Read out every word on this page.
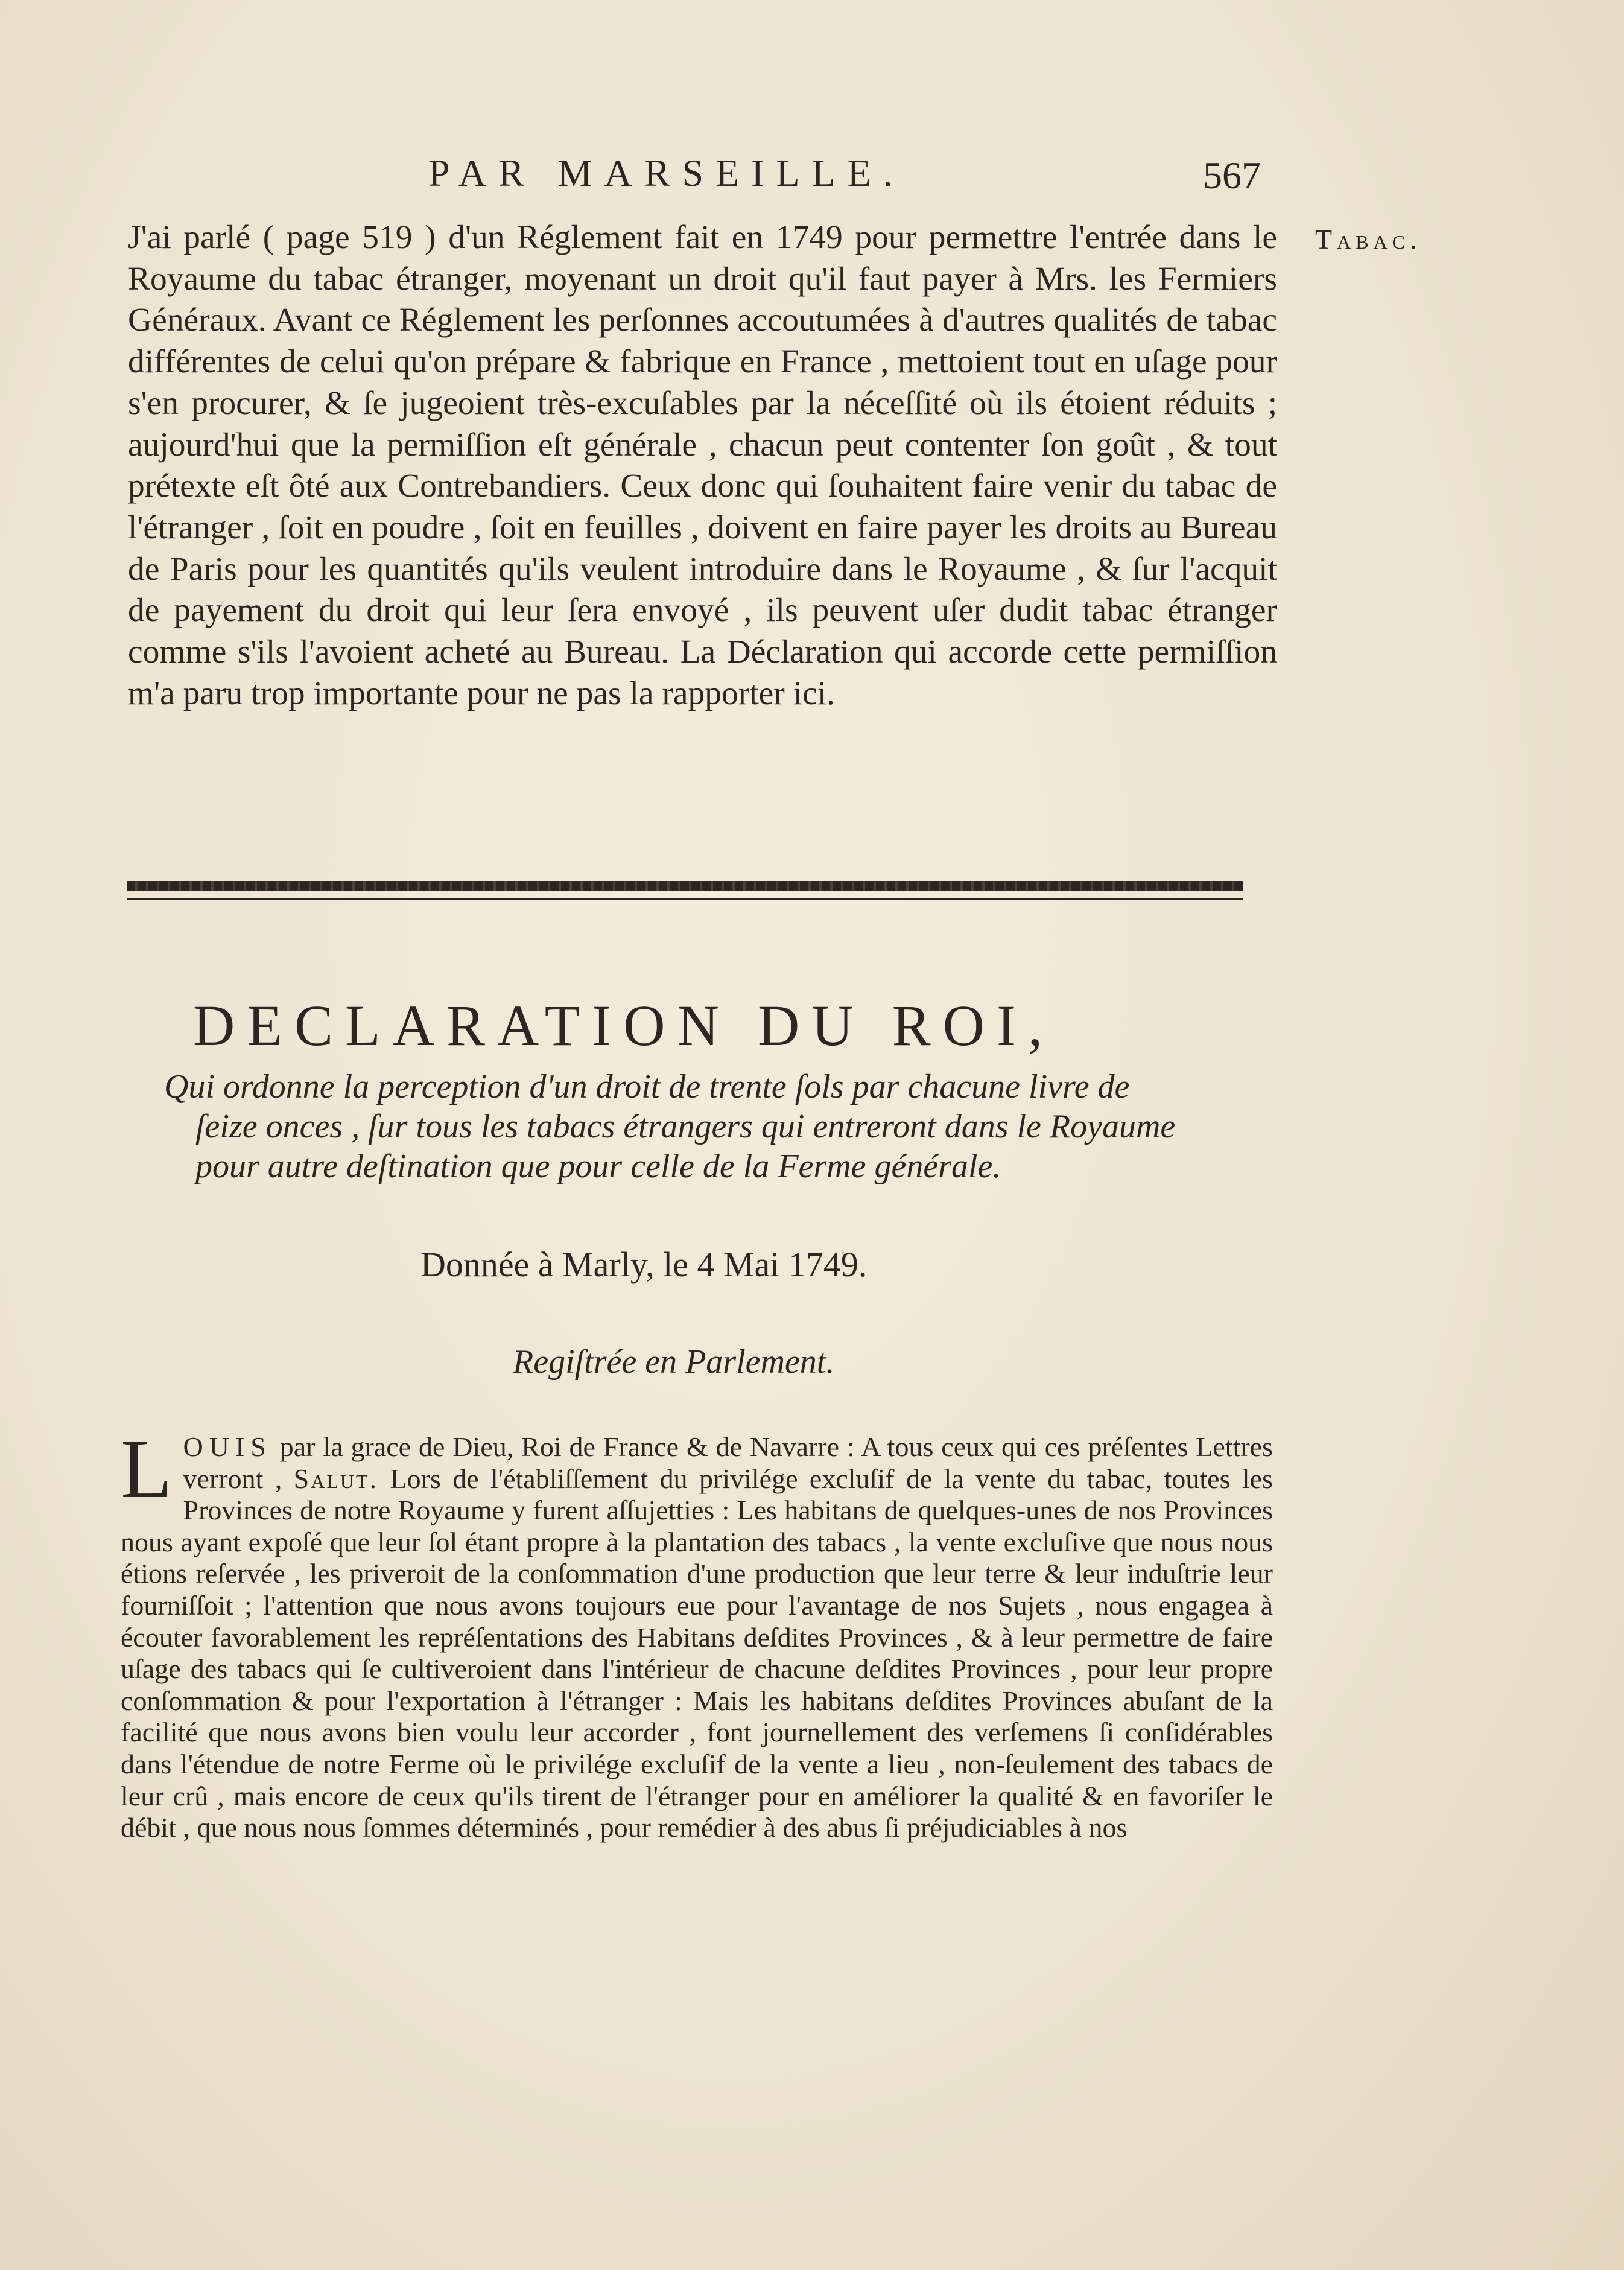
PAR MARSEILLE.	567
Tabac.

J'ai parlé ( page 519 ) d'un Réglement fait en 1749 pour permettre l'entrée dans le Royaume du tabac étranger, moyenant un droit qu'il faut payer à Mrs. les Fermiers Généraux. Avant ce Réglement les perſonnes accoutumées à d'autres qualités de tabac différentes de celui qu'on prépare & fabrique en France , mettoient tout en uſage pour s'en procurer, & ſe jugeoient très-excuſables par la néceſſité où ils étoient réduits ; aujourd'hui que la permiſſion eſt générale , chacun peut contenter ſon goût , & tout prétexte eſt ôté aux Contrebandiers. Ceux donc qui ſouhaitent faire venir du tabac de l'étranger , ſoit en poudre , ſoit en feuilles , doivent en faire payer les droits au Bureau de Paris pour les quantités qu'ils veulent introduire dans le Royaume , & ſur l'acquit de payement du droit qui leur ſera envoyé , ils peuvent uſer dudit tabac étranger comme s'ils l'avoient acheté au Bureau. La Déclaration qui accorde cette permiſſion m'a paru trop importante pour ne pas la rapporter ici.

DECLARATION DU ROI,

Qui ordonne la perception d'un droit de trente ſols par chacune livre de
ſeize onces , ſur tous les tabacs étrangers qui entreront dans le Royaume
pour autre deſtination que pour celle de la Ferme générale.

Donnée à Marly, le 4 Mai 1749.
Regiſtrée en Parlement.

LOUIS par la grace de Dieu, Roi de France & de Navarre : A tous ceux qui ces préſentes Lettres verront , Salut. Lors de l'établiſſement du privilége excluſif de la vente du tabac, toutes les Provinces de notre Royaume y furent aſſujetties : Les habitans de quelques-unes de nos Provinces nous ayant expoſé que leur ſol étant propre à la plantation des tabacs , la vente excluſive que nous nous étions reſervée , les priveroit de la conſommation d'une production que leur terre & leur induſtrie leur fourniſſoit ; l'attention que nous avons toujours eue pour l'avantage de nos Sujets , nous engagea à écouter favorablement les repréſentations des Habitans deſdites Provinces , & à leur permettre de faire uſage des tabacs qui ſe cultiveroient dans l'intérieur de chacune deſdites Provinces , pour leur propre conſommation & pour l'exportation à l'étranger : Mais les habitans deſdites Provinces abuſant de la facilité que nous avons bien voulu leur accorder , font journellement des verſemens ſi conſidérables dans l'étendue de notre Ferme où le privilége excluſif de la vente a lieu , non-ſeulement des tabacs de leur crû , mais encore de ceux qu'ils tirent de l'étranger pour en améliorer la qualité & en favoriſer le débit , que nous nous ſommes déterminés , pour remédier à des abus ſi préjudiciables à nos
